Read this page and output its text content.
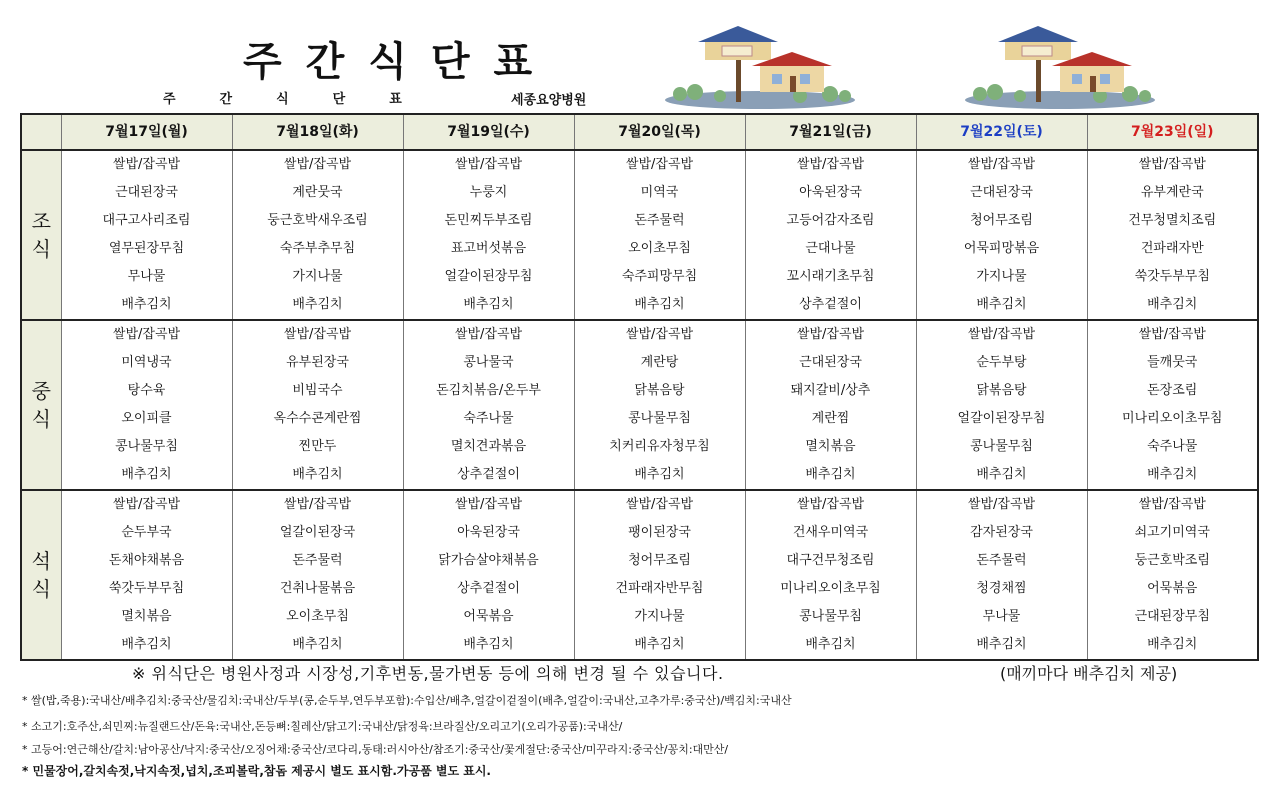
주간식단표
주간식단표	세종요양병원
	7월17일(월)	7월18일(화)	7월19일(수)	7월20일(목)	7월21일(금)	7월22일(토)	7월23일(일)
조식	쌀밥/잡곡밥	쌀밥/잡곡밥	쌀밥/잡곡밥	쌀밥/잡곡밥	쌀밥/잡곡밥	쌀밥/잡곡밥	쌀밥/잡곡밥
	근대된장국	계란뭇국	누룽지	미역국	아욱된장국	근대된장국	유부계란국
	대구고사리조림	둥근호박새우조림	돈민찌두부조림	돈주물럭	고등어감자조림	청어무조림	건무청멸치조림
	열무된장무침	숙주부추무침	표고버섯볶음	오이초무침	근대나물	어묵피망볶음	건파래자반
	무나물	가지나물	얼갈이된장무침	숙주피망무침	꼬시래기초무침	가지나물	쑥갓두부무침
	배추김치	배추김치	배추김치	배추김치	상추겉절이	배추김치	배추김치
중식	쌀밥/잡곡밥	쌀밥/잡곡밥	쌀밥/잡곡밥	쌀밥/잡곡밥	쌀밥/잡곡밥	쌀밥/잡곡밥	쌀밥/잡곡밥
	미역냉국	유부된장국	콩나물국	계란탕	근대된장국	순두부탕	들깨뭇국
	탕수육	비빔국수	돈김치볶음/온두부	닭볶음탕	돼지갈비/상추	닭볶음탕	돈장조림
	오이피클	옥수수콘계란찜	숙주나물	콩나물무침	계란찜	얼갈이된장무침	미나리오이초무침
	콩나물무침	찐만두	멸치견과볶음	치커리유자청무침	멸치볶음	콩나물무침	숙주나물
	배추김치	배추김치	상추겉절이	배추김치	배추김치	배추김치	배추김치
석식	쌀밥/잡곡밥	쌀밥/잡곡밥	쌀밥/잡곡밥	쌀밥/잡곡밥	쌀밥/잡곡밥	쌀밥/잡곡밥	쌀밥/잡곡밥
	순두부국	얼갈이된장국	아욱된장국	팽이된장국	건새우미역국	감자된장국	쇠고기미역국
	돈채야채볶음	돈주물럭	닭가슴살야채볶음	청어무조림	대구건무청조림	돈주물럭	둥근호박조림
	쑥갓두부무침	건취나물볶음	상추겉절이	건파래자반무침	미나리오이초무침	청경채찜	어묵볶음
	멸치볶음	오이초무침	어묵볶음	가지나물	콩나물무침	무나물	근대된장무침
	배추김치	배추김치	배추김치	배추김치	배추김치	배추김치	배추김치
※ 위식단은 병원사정과 시장성,기후변동,물가변동 등에 의해 변경 될 수 있습니다.	(매끼마다 배추김치 제공)
* 쌀(밥,죽용):국내산/배추김치:중국산/물김치:국내산/두부(콩,순두부,연두부포함):수입산/배추,얼갈이겉절이(배추,얼갈이:국내산,고추가루:중국산)/백김치:국내산
* 소고기:호주산,쇠민찌:뉴질랜드산/돈육:국내산,돈등뼈:칠레산/닭고기:국내산/닭정육:브라질산/오리고기(오리가공품):국내산/
* 고등어:연근해산/갈치:남아공산/낙지:중국산/오징어채:중국산/코다리,동태:러시아산/참조기:중국산/꽃게절단:중국산/미꾸라지:중국산/꽁치:대만산/
* 민물장어,갈치속젓,낙지속젓,넙치,조피볼락,참돔 제공시 별도 표시함.가공품 별도 표시.
